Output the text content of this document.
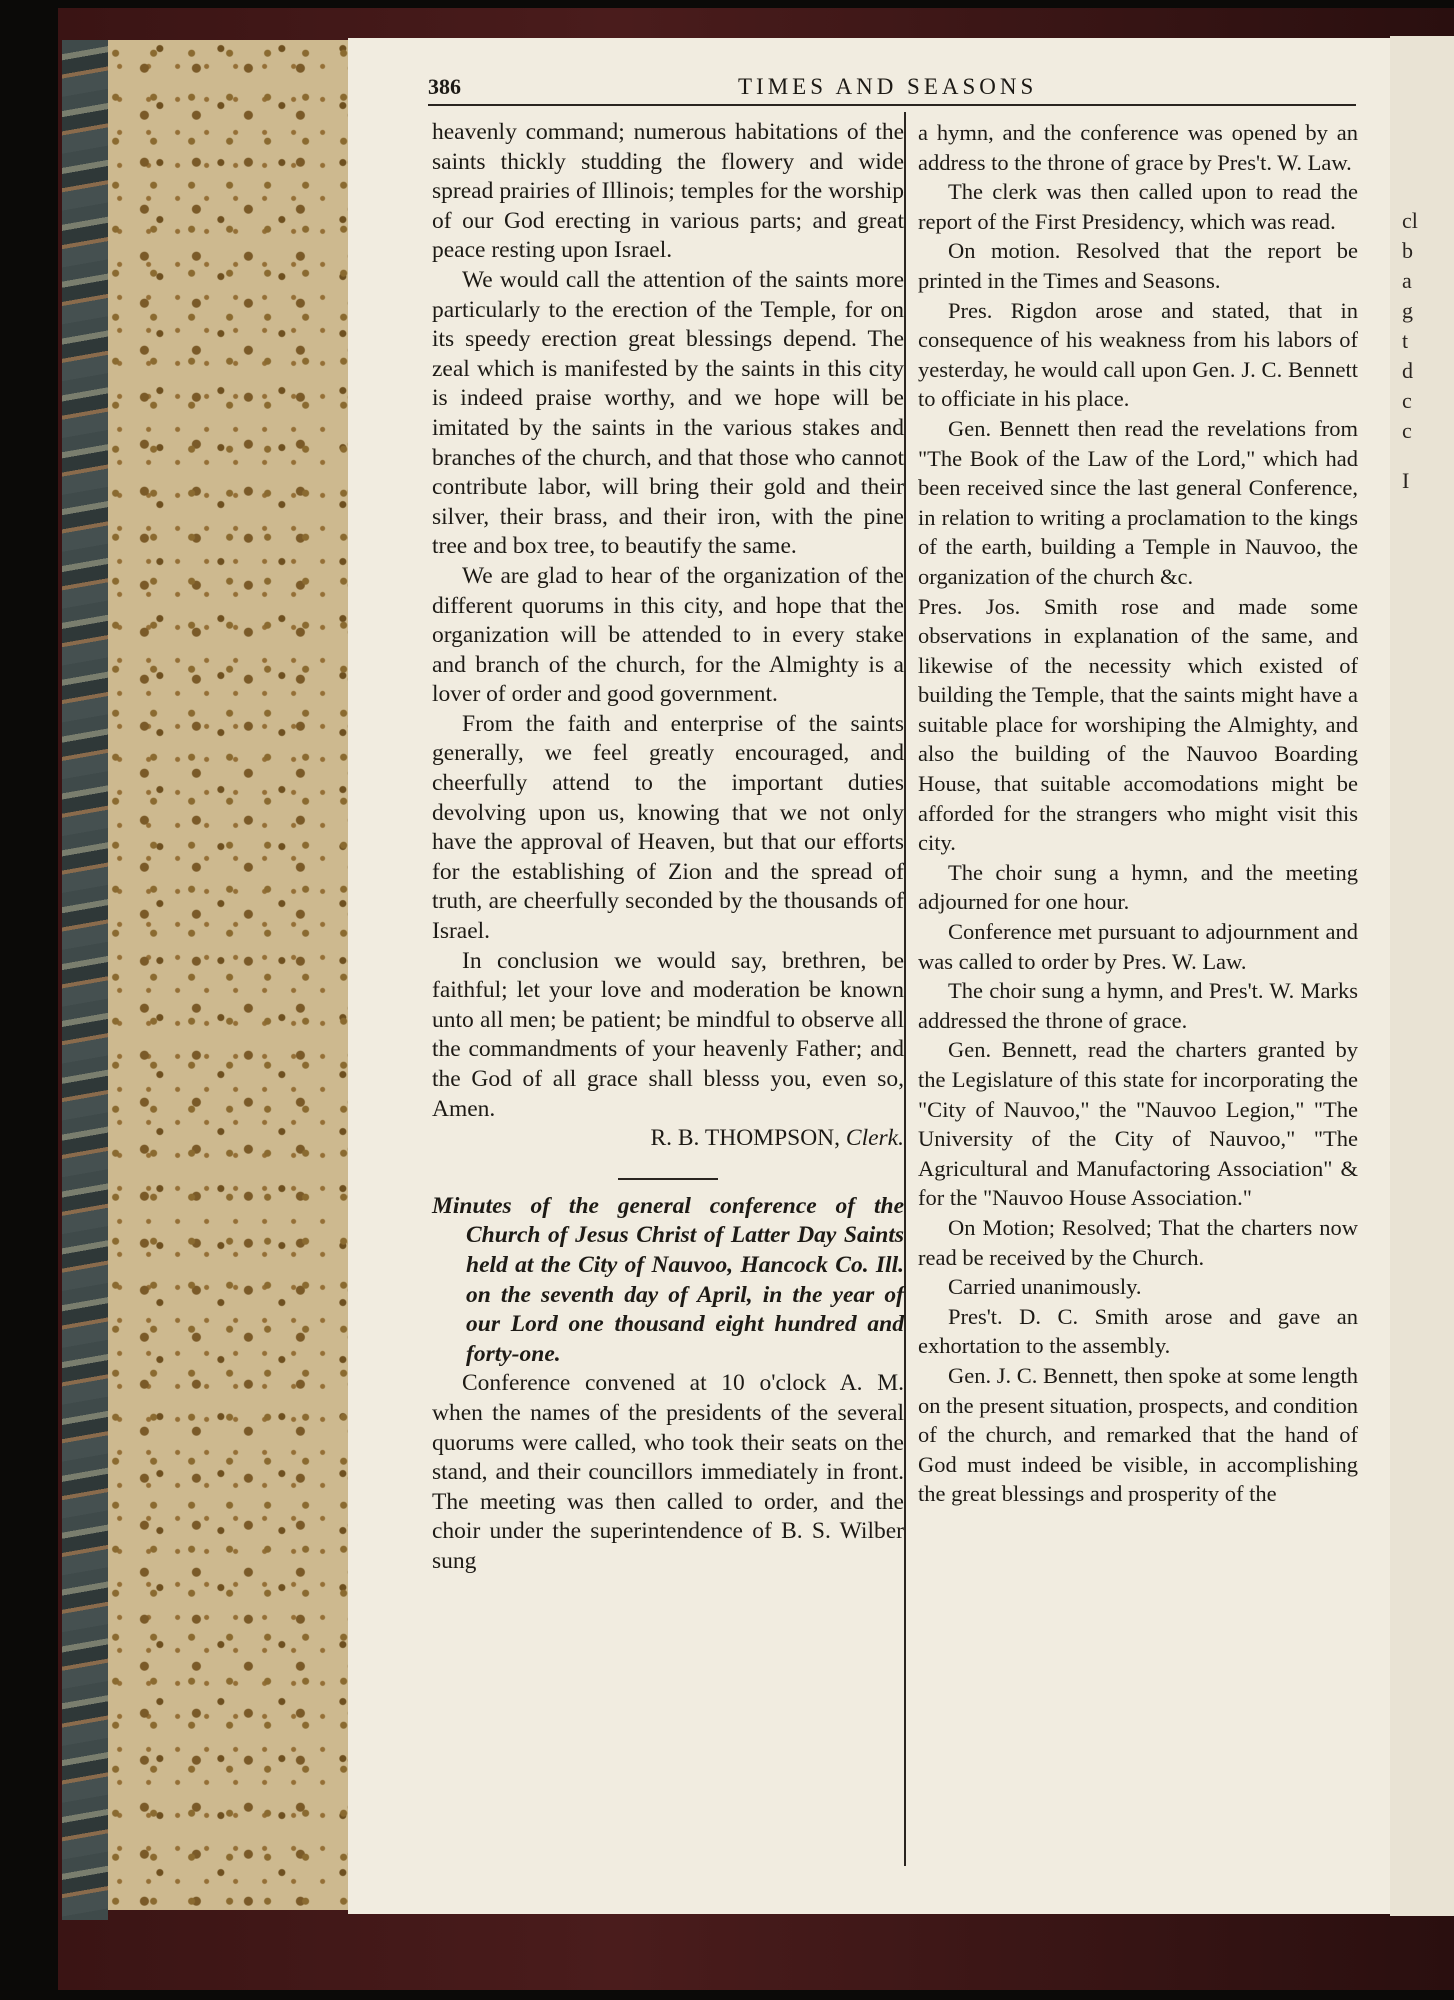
cl
b
a
g
t
d
c
c
I
386	TIMES AND SEASONS

heavenly command; numerous habitations of the saints thickly studding the flowery and wide spread prairies of Illinois; temples for the worship of our God erecting in various parts; and great peace resting upon Israel.

We would call the attention of the saints more particularly to the erection of the Temple, for on its speedy erection great blessings depend. The zeal which is manifested by the saints in this city is indeed praise worthy, and we hope will be imitated by the saints in the various stakes and branches of the church, and that those who cannot contribute labor, will bring their gold and their silver, their brass, and their iron, with the pine tree and box tree, to beautify the same.

We are glad to hear of the organization of the different quorums in this city, and hope that the organization will be attended to in every stake and branch of the church, for the Almighty is a lover of order and good government.

From the faith and enterprise of the saints generally, we feel greatly encouraged, and cheerfully attend to the important duties devolving upon us, knowing that we not only have the approval of Heaven, but that our efforts for the establishing of Zion and the spread of truth, are cheerfully seconded by the thousands of Israel.

In conclusion we would say, brethren, be faithful; let your love and moderation be known unto all men; be patient; be mindful to observe all the commandments of your heavenly Father; and the God of all grace shall blesss you, even so, Amen.

R. B. THOMPSON, Clerk.

Minutes of the general conference of the Church of Jesus Christ of Latter Day Saints held at the City of Nauvoo, Hancock Co. Ill. on the seventh day of April, in the year of our Lord one thousand eight hundred and forty-one.

Conference convened at 10 o'clock A. M. when the names of the presidents of the several quorums were called, who took their seats on the stand, and their councillors immediately in front. The meeting was then called to order, and the choir under the superintendence of B. S. Wilber sung

a hymn, and the conference was opened by an address to the throne of grace by Pres't. W. Law.

The clerk was then called upon to read the report of the First Presidency, which was read.

On motion. Resolved that the report be printed in the Times and Seasons.

Pres. Rigdon arose and stated, that in consequence of his weakness from his labors of yesterday, he would call upon Gen. J. C. Bennett to officiate in his place.

Gen. Bennett then read the revelations from "The Book of the Law of the Lord," which had been received since the last general Conference, in relation to writing a proclamation to the kings of the earth, building a Temple in Nauvoo, the organization of the church &c.

Pres. Jos. Smith rose and made some observations in explanation of the same, and likewise of the necessity which existed of building the Temple, that the saints might have a suitable place for worshiping the Almighty, and also the building of the Nauvoo Boarding House, that suitable accomodations might be afforded for the strangers who might visit this city.

The choir sung a hymn, and the meeting adjourned for one hour.

Conference met pursuant to adjournment and was called to order by Pres. W. Law.

The choir sung a hymn, and Pres't. W. Marks addressed the throne of grace.

Gen. Bennett, read the charters granted by the Legislature of this state for incorporating the "City of Nauvoo," the "Nauvoo Legion," "The University of the City of Nauvoo," "The Agricultural and Manufactoring Association" & for the "Nauvoo House Association."

On Motion; Resolved; That the charters now read be received by the Church.

Carried unanimously.

Pres't. D. C. Smith arose and gave an exhortation to the assembly.

Gen. J. C. Bennett, then spoke at some length on the present situation, prospects, and condition of the church, and remarked that the hand of God must indeed be visible, in accomplishing the great blessings and prosperity of the
